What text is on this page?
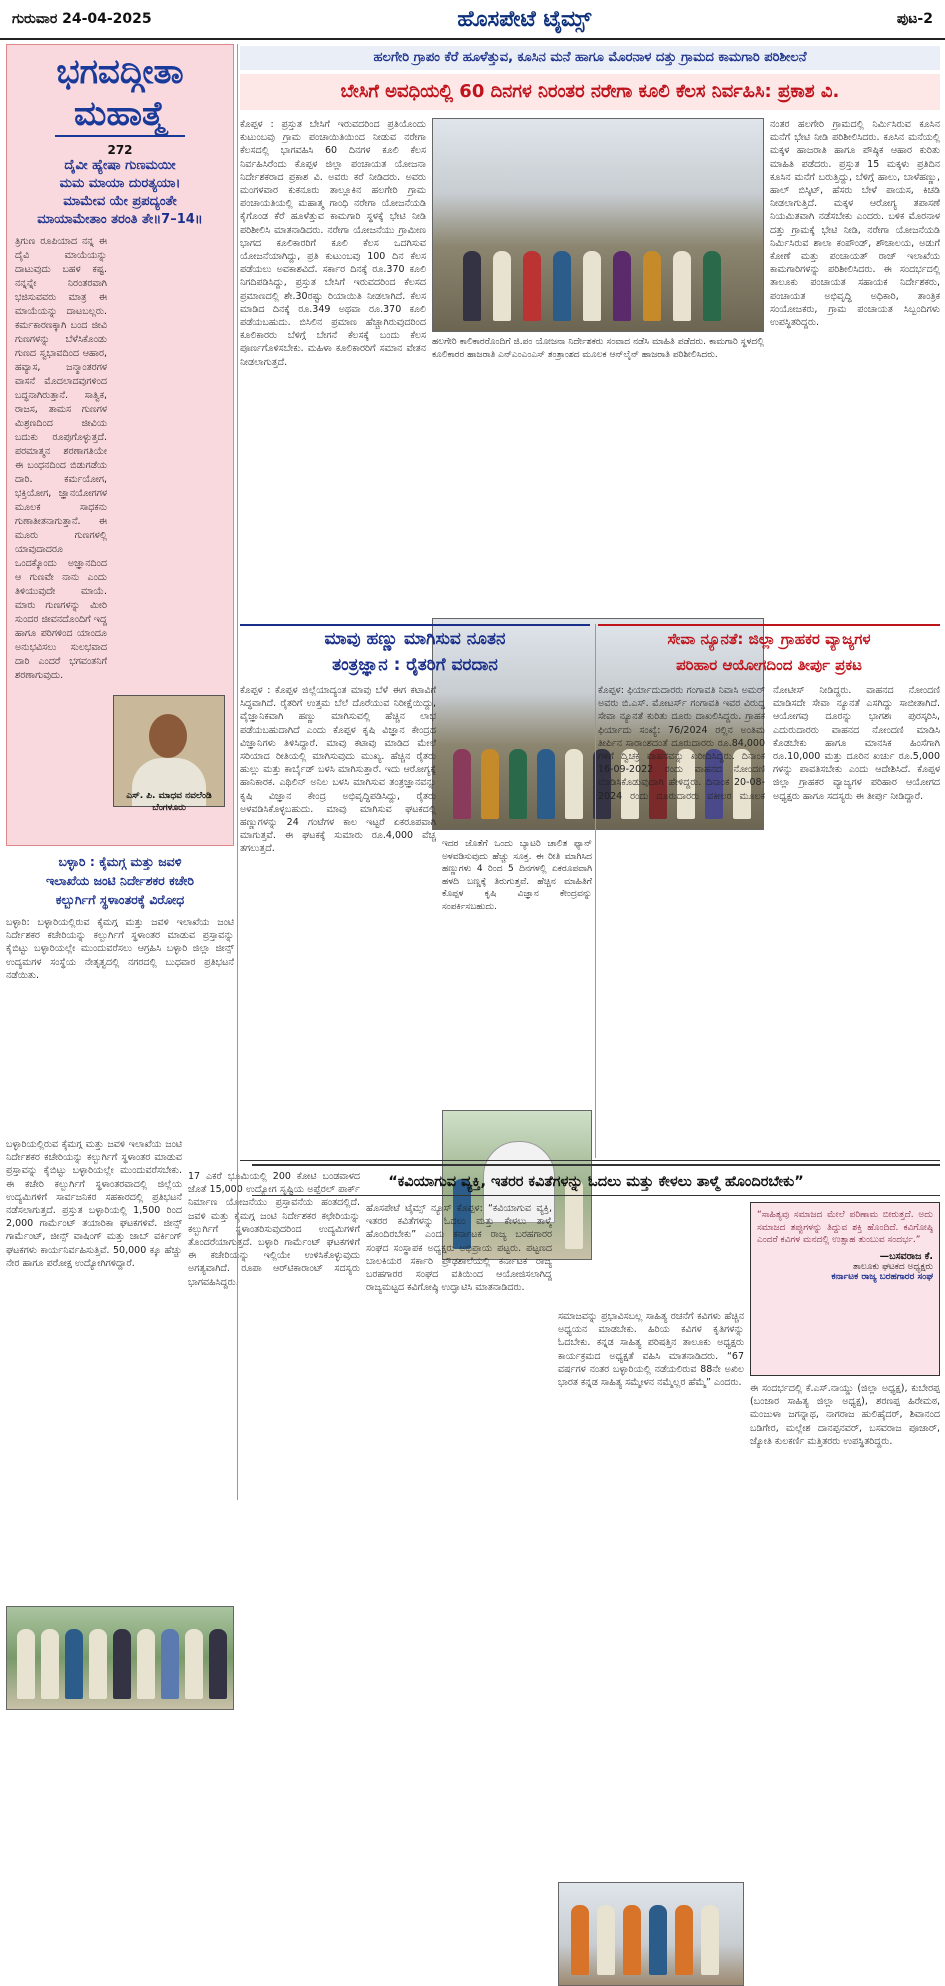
ಗುರುವಾರ 24-04-2025	ಹೊಸಪೇಟೆ ಟೈಮ್ಸ್	ಪುಟ-2
ಭಗವದ್ಗೀತಾ
ಮಹಾತ್ಮೆ
272
ದೈವೀ ಹ್ಯೇಷಾ ಗುಣಮಯೀ
ಮಮ ಮಾಯಾ ದುರತ್ಯಯಾ।
ಮಾಮೇವ ಯೇ ಪ್ರಪದ್ಯಂತೇ
ಮಾಯಾಮೇತಾಂ ತರಂತಿ ತೇ॥7–14॥
ತ್ರಿಗುಣ ರೂಪಿಯಾದ ನನ್ನ ಈ ದೈವಿ ಮಾಯೆಯನ್ನು ದಾಟುವುದು ಬಹಳ ಕಷ್ಟ. ನನ್ನನ್ನೇ ನಿರಂತರವಾಗಿ ಭಜಿಸುವವರು ಮಾತ್ರ ಈ ಮಾಯೆಯನ್ನು ದಾಟಬಲ್ಲರು. ಕರ್ಮಕಾರಣಕ್ಕಾಗಿ ಬಂದ ಜೀವಿ ಗುಣಗಳನ್ನು ಬೆಳೆಸಿಕೊಂಡು ಗುಣದ ಸ್ವಭಾವದಿಂದ ಆಹಾರ, ಹವ್ಯಾಸ, ಜನ್ಮಾಂತರಗಳ ವಾಸನೆ ಮೊದಲಾದವುಗಳಿಂದ ಬದ್ಧನಾಗಿರುತ್ತಾನೆ. ಸಾತ್ವಿಕ, ರಾಜಸ, ತಾಮಸ ಗುಣಗಳ ಮಿಶ್ರಣದಿಂದ ಜೀವಿಯ ಬದುಕು ರೂಪುಗೊಳ್ಳುತ್ತದೆ. ಪರಮಾತ್ಮನ ಶರಣಾಗತಿಯೇ ಈ ಬಂಧನದಿಂದ ಬಿಡುಗಡೆಯ ದಾರಿ. ಕರ್ಮಯೋಗ, ಭಕ್ತಿಯೋಗ, ಜ್ಞಾನಯೋಗಗಳ ಮೂಲಕ ಸಾಧಕನು ಗುಣಾತೀತನಾಗುತ್ತಾನೆ. ಈ ಮೂರು ಗುಣಗಳಲ್ಲಿ ಯಾವುದಾದರೂ ಒಂದಕ್ಕೊಂದು ಅಜ್ಞಾನದಿಂದ ಆ ಗುಣವೇ ನಾನು ಎಂದು ತಿಳಿಯುವುದೇ ಮಾಯೆ. ಮಾರು ಗುಣಗಳನ್ನು ಮೀರಿ ಸುಂದರ ಜೀವನದೊಂದಿಗೆ ಇದ್ದ ಹಾಗೂ ಪರಿಗಳಿಂದ ಯಾಂದೂ ಅನುಭವಿಸಲು ಸುಲಭವಾದ ದಾರಿ ಎಂದರೆ ಭಗವಂತನಿಗೆ ಶರಣಾಗುವುದು.
ಎಸ್. ಪಿ. ಮಾಧವ ನವಲೆಂಡಿ
ಬೆಂಗಳೂರು
ಹಲಗೇರಿ ಗ್ರಾಪಂ ಕೆರೆ ಹೂಳೆತ್ತುವ, ಕೂಸಿನ ಮನೆ ಹಾಗೂ ಮೊರನಾಳ ದತ್ತು ಗ್ರಾಮದ ಕಾಮಗಾರಿ ಪರಿಶೀಲನೆ
ಬೇಸಿಗೆ ಅವಧಿಯಲ್ಲಿ 60 ದಿನಗಳ ನಿರಂತರ ನರೇಗಾ ಕೂಲಿ ಕೆಲಸ ನಿರ್ವಹಿಸಿ: ಪ್ರಕಾಶ ವಿ.
ಕೊಪ್ಪಳ : ಪ್ರಸ್ತುತ ಬೇಸಿಗೆ ಇರುವದರಿಂದ ಪ್ರತಿಯೊಂದು ಕುಟುಂಬವು ಗ್ರಾಮ ಪಂಚಾಯಿತಿಯಿಂದ ನೀಡುವ ನರೇಗಾ ಕೆಲಸದಲ್ಲಿ ಭಾಗವಹಿಸಿ 60 ದಿನಗಳ ಕೂಲಿ ಕೆಲಸ ನಿರ್ವಹಿಸಿರೆಂದು ಕೊಪ್ಪಳ ಜಿಲ್ಲಾ ಪಂಚಾಯತ ಯೋಜನಾ ನಿರ್ದೇಶಕರಾದ ಪ್ರಕಾಶ ವಿ. ಅವರು ಕರೆ ನೀಡಿದರು. ಅವರು ಮಂಗಳವಾರ ಕುಕನೂರು ತಾಲ್ಲೂಕಿನ ಹಲಗೇರಿ ಗ್ರಾಮ ಪಂಚಾಯತಿಯಲ್ಲಿ ಮಹಾತ್ಮ ಗಾಂಧಿ ನರೇಗಾ ಯೋಜನೆಯಡಿ ಕೈಗೊಂಡ ಕೆರೆ ಹೂಳೆತ್ತುವ ಕಾಮಗಾರಿ ಸ್ಥಳಕ್ಕೆ ಭೇಟಿ ನೀಡಿ ಪರಿಶೀಲಿಸಿ ಮಾತನಾಡಿದರು. ನರೇಗಾ ಯೋಜನೆಯು ಗ್ರಾಮೀಣ ಭಾಗದ ಕೂಲಿಕಾರರಿಗೆ ಕೂಲಿ ಕೆಲಸ ಒದಗಿಸುವ ಯೋಜನೆಯಾಗಿದ್ದು, ಪ್ರತಿ ಕುಟುಂಬವು 100 ದಿನ ಕೆಲಸ ಪಡೆಯಲು ಅವಕಾಶವಿದೆ. ಸರ್ಕಾರ ದಿನಕ್ಕೆ ರೂ.370 ಕೂಲಿ ನಿಗದಿಪಡಿಸಿದ್ದು, ಪ್ರಸ್ತುತ ಬೇಸಿಗೆ ಇರುವದರಿಂದ ಕೆಲಸದ ಪ್ರಮಾಣದಲ್ಲಿ ಶೇ.30ರಷ್ಟು ರಿಯಾಯಿತಿ ನೀಡಲಾಗಿದೆ. ಕೆಲಸ ಮಾಡಿದ ದಿನಕ್ಕೆ ರೂ.349 ಅಥವಾ ರೂ.370 ಕೂಲಿ ಪಡೆಯಬಹುದು. ಬಿಸಿಲಿನ ಪ್ರಮಾಣ ಹೆಚ್ಚಾಗಿರುವುದರಿಂದ ಕೂಲಿಕಾರರು ಬೆಳಿಗ್ಗೆ ಬೇಗನೆ ಕೆಲಸಕ್ಕೆ ಬಂದು ಕೆಲಸ ಪೂರ್ಣಗೊಳಿಸಬೇಕು. ಮಹಿಳಾ ಕೂಲಿಕಾರರಿಗೆ ಸಮಾನ ವೇತನ ನೀಡಲಾಗುತ್ತದೆ.
ಹಲಗೇರಿ ಕಾಲಿಕಾರರೊಂದಿಗೆ ಜಿ.ಪಂ ಯೋಜನಾ ನಿರ್ದೇಶಕರು ಸಂವಾದ ನಡೆಸಿ ಮಾಹಿತಿ ಪಡೆದರು. ಕಾಮಗಾರಿ ಸ್ಥಳದಲ್ಲಿ ಕೂಲಿಕಾರರ ಹಾಜರಾತಿ ಎನ್‌ಎಂಎಂಎಸ್ ತಂತ್ರಾಂಶದ ಮೂಲಕ ಆನ್‌ಲೈನ್ ಹಾಜರಾತಿ ಪರಿಶೀಲಿಸಿದರು.
ನಂತರ ಹಲಗೇರಿ ಗ್ರಾಮದಲ್ಲಿ ನಿರ್ಮಿಸಿರುವ ಕೂಸಿನ ಮನೆಗೆ ಭೇಟಿ ನೀಡಿ ಪರಿಶೀಲಿಸಿದರು. ಕೂಸಿನ ಮನೆಯಲ್ಲಿ ಮಕ್ಕಳ ಹಾಜರಾತಿ ಹಾಗೂ ಪೌಷ್ಠಿಕ ಆಹಾರ ಕುರಿತು ಮಾಹಿತಿ ಪಡೆದರು. ಪ್ರಸ್ತುತ 15 ಮಕ್ಕಳು ಪ್ರತಿದಿನ ಕೂಸಿನ ಮನೆಗೆ ಬರುತ್ತಿದ್ದು, ಬೆಳಿಗ್ಗೆ ಹಾಲು, ಬಾಳೆಹಣ್ಣು, ಹಾಲ್ ಬಿಸ್ಕಿಟ್, ಹೆಸರು ಬೇಳೆ ಪಾಯಸ, ಕಿಚಡಿ ನೀಡಲಾಗುತ್ತಿದೆ. ಮಕ್ಕಳ ಆರೋಗ್ಯ ತಪಾಸಣೆ ನಿಯಮಿತವಾಗಿ ನಡೆಸಬೇಕು ಎಂದರು. ಬಳಿಕ ಮೊರನಾಳ ದತ್ತು ಗ್ರಾಮಕ್ಕೆ ಭೇಟಿ ನೀಡಿ, ನರೇಗಾ ಯೋಜನೆಯಡಿ ನಿರ್ಮಿಸಿರುವ ಶಾಲಾ ಕಂಪೌಂಡ್, ಶೌಚಾಲಯ, ಅಡುಗೆ ಕೋಣೆ ಮತ್ತು ಪಂಚಾಯತ್ ರಾಜ್ ಇಲಾಖೆಯ ಕಾಮಗಾರಿಗಳನ್ನು ಪರಿಶೀಲಿಸಿದರು. ಈ ಸಂದರ್ಭದಲ್ಲಿ ತಾಲೂಕು ಪಂಚಾಯತ ಸಹಾಯಕ ನಿರ್ದೇಶಕರು, ಪಂಚಾಯತ ಅಭಿವೃದ್ಧಿ ಅಧಿಕಾರಿ, ತಾಂತ್ರಿಕ ಸಂಯೋಜಕರು, ಗ್ರಾಮ ಪಂಚಾಯತ ಸಿಬ್ಬಂದಿಗಳು ಉಪಸ್ಥಿತರಿದ್ದರು.
ಮಾವು ಹಣ್ಣು ಮಾಗಿಸುವ ನೂತನ
ತಂತ್ರಜ್ಞಾನ : ರೈತರಿಗೆ ವರದಾನ
ಕೊಪ್ಪಳ : ಕೊಪ್ಪಳ ಜಿಲ್ಲೆಯಾದ್ಯಂತ ಮಾವು ಬೆಳೆ ಈಗ ಕಟಾವಿಗೆ ಸಿದ್ಧವಾಗಿದೆ. ರೈತರಿಗೆ ಉತ್ತಮ ಬೆಲೆ ದೊರೆಯುವ ನಿರೀಕ್ಷೆಯಿದ್ದು, ವೈಜ್ಞಾನಿಕವಾಗಿ ಹಣ್ಣು ಮಾಗಿಸುವಲ್ಲಿ ಹೆಚ್ಚಿನ ಲಾಭ ಪಡೆಯಬಹುದಾಗಿದೆ ಎಂದು ಕೊಪ್ಪಳ ಕೃಷಿ ವಿಜ್ಞಾನ ಕೇಂದ್ರದ ವಿಜ್ಞಾನಿಗಳು ತಿಳಿಸಿದ್ದಾರೆ. ಮಾವು ಕಟಾವು ಮಾಡಿದ ಮೇಲೆ ಸರಿಯಾದ ರೀತಿಯಲ್ಲಿ ಮಾಗಿಸುವುದು ಮುಖ್ಯ. ಹೆಚ್ಚಿನ ರೈತರು ಹುಲ್ಲು ಮತ್ತು ಕಾರ್ಬೈಡ್ ಬಳಸಿ ಮಾಗಿಸುತ್ತಾರೆ. ಇದು ಆರೋಗ್ಯಕ್ಕೆ ಹಾನಿಕಾರಕ. ಎಥಿಲಿನ್ ಅನಿಲ ಬಳಸಿ ಮಾಗಿಸುವ ತಂತ್ರಜ್ಞಾನವನ್ನು ಕೃಷಿ ವಿಜ್ಞಾನ ಕೇಂದ್ರ ಅಭಿವೃದ್ಧಿಪಡಿಸಿದ್ದು, ರೈತರು ಅಳವಡಿಸಿಕೊಳ್ಳಬಹುದು. ಮಾವು ಮಾಗಿಸುವ ಘಟಕದಲ್ಲಿ ಹಣ್ಣುಗಳನ್ನು 24 ಗಂಟೆಗಳ ಕಾಲ ಇಟ್ಟರೆ ಏಕರೂಪವಾಗಿ ಮಾಗುತ್ತವೆ. ಈ ಘಟಕಕ್ಕೆ ಸುಮಾರು ರೂ.4,000 ವೆಚ್ಚ ತಗಲುತ್ತದೆ.	ಇದರ ಜೊತೆಗೆ ಒಂದು ಬ್ಯಾಟರಿ ಚಾಲಿತ ಫ್ಯಾನ್ ಅಳವಡಿಸುವುದು ಹೆಚ್ಚು ಸೂಕ್ತ. ಈ ರೀತಿ ಮಾಗಿಸಿದ ಹಣ್ಣುಗಳು 4 ರಿಂದ 5 ದಿನಗಳಲ್ಲಿ ಏಕರೂಪವಾಗಿ ಹಳದಿ ಬಣ್ಣಕ್ಕೆ ತಿರುಗುತ್ತವೆ. ಹೆಚ್ಚಿನ ಮಾಹಿತಿಗೆ ಕೊಪ್ಪಳ ಕೃಷಿ ವಿಜ್ಞಾನ ಕೇಂದ್ರವನ್ನು ಸಂಪರ್ಕಿಸಬಹುದು.
ಸೇವಾ ನ್ಯೂನತೆ: ಜಿಲ್ಲಾ ಗ್ರಾಹಕರ ವ್ಯಾಜ್ಯಗಳ
ಪರಿಹಾರ ಆಯೋಗದಿಂದ ತೀರ್ಪು ಪ್ರಕಟ
ಕೊಪ್ಪಳ: ಫಿರ್ಯಾದುದಾರರು ಗಂಗಾವತಿ ನಿವಾಸಿ ಅಮರ್ ಅವರು ಬಿ.ಎಸ್. ಮೋಟರ್ಸ್ ಗಂಗಾವತಿ ಇವರ ವಿರುದ್ಧ ಸೇವಾ ನ್ಯೂನತೆ ಕುರಿತು ದೂರು ದಾಖಲಿಸಿದ್ದರು. ಗ್ರಾಹಕ ಫಿರ್ಯಾದು ಸಂಖ್ಯೆ: 76/2024 ರಲ್ಲಿನ ಅಂತಿಮ ತೀರ್ಪಿನ ಸಾರಾಂಶದಂತೆ ದೂರುದಾರರು ರೂ.84,000 ಗಳಿಗೆ ದ್ವಿಚಕ್ರ ವಾಹನವನ್ನು ಖರೀದಿಸಿದ್ದರು. ದಿನಾಂಕ 16-09-2022 ರಂದು ವಾಹನದ ನೋಂದಣಿ ಮಾಡಿಸಿಕೊಡುವುದಾಗಿ ಹೇಳಿದ್ದರು. ದಿನಾಂಕ 20-08-2024 ರಂದು ದೂರುದಾರರು ವಕೀಲರ ಮೂಲಕ ನೋಟೀಸ್ ನೀಡಿದ್ದರು. ವಾಹನದ ನೋಂದಣಿ ಮಾಡಿಸದೇ ಸೇವಾ ನ್ಯೂನತೆ ಎಸಗಿದ್ದು ಸಾಬೀತಾಗಿದೆ. ಆಯೋಗವು ದೂರನ್ನು ಭಾಗಶಃ ಪುರಸ್ಕರಿಸಿ, ಎದುರುದಾರರು ವಾಹನದ ನೋಂದಣಿ ಮಾಡಿಸಿ ಕೊಡಬೇಕು ಹಾಗೂ ಮಾನಸಿಕ ಹಿಂಸೆಗಾಗಿ ರೂ.10,000 ಮತ್ತು ದೂರಿನ ಖರ್ಚು ರೂ.5,000 ಗಳನ್ನು ಪಾವತಿಸಬೇಕು ಎಂದು ಆದೇಶಿಸಿದೆ. ಕೊಪ್ಪಳ ಜಿಲ್ಲಾ ಗ್ರಾಹಕರ ವ್ಯಾಜ್ಯಗಳ ಪರಿಹಾರ ಆಯೋಗದ ಅಧ್ಯಕ್ಷರು ಹಾಗೂ ಸದಸ್ಯರು ಈ ತೀರ್ಪು ನೀಡಿದ್ದಾರೆ.
ಬಳ್ಳಾರಿ : ಕೈಮಗ್ಗ ಮತ್ತು ಜವಳಿ
ಇಲಾಖೆಯ ಜಂಟಿ ನಿರ್ದೇಶಕರ ಕಚೇರಿ
ಕಲ್ಬುರ್ಗಿಗೆ ಸ್ಥಳಾಂತರಕ್ಕೆ ವಿರೋಧ
ಬಳ್ಳಾರಿ: ಬಳ್ಳಾರಿಯಲ್ಲಿರುವ ಕೈಮಗ್ಗ ಮತ್ತು ಜವಳಿ ಇಲಾಖೆಯ ಜಂಟಿ ನಿರ್ದೇಶಕರ ಕಚೇರಿಯನ್ನು ಕಲ್ಬುರ್ಗಿಗೆ ಸ್ಥಳಾಂತರ ಮಾಡುವ ಪ್ರಸ್ತಾವನ್ನು ಕೈಬಿಟ್ಟು ಬಳ್ಳಾರಿಯಲ್ಲೇ ಮುಂದುವರೆಸಲು ಆಗ್ರಹಿಸಿ ಬಳ್ಳಾರಿ ಜಿಲ್ಲಾ ಜೀನ್ಸ್ ಉದ್ಯಮಗಳ ಸಂಸ್ಥೆಯ ನೇತೃತ್ವದಲ್ಲಿ ನಗರದಲ್ಲಿ ಬುಧವಾರ ಪ್ರತಿಭಟನೆ ನಡೆಯಿತು.
ಬಳ್ಳಾರಿಯಲ್ಲಿರುವ ಕೈಮಗ್ಗ ಮತ್ತು ಜವಳಿ ಇಲಾಖೆಯ ಜಂಟಿ ನಿರ್ದೇಶಕರ ಕಚೇರಿಯನ್ನು ಕಲ್ಬುರ್ಗಿಗೆ ಸ್ಥಳಾಂತರ ಮಾಡುವ ಪ್ರಸ್ತಾವನ್ನು ಕೈಬಿಟ್ಟು ಬಳ್ಳಾರಿಯಲ್ಲೇ ಮುಂದುವರೆಸಬೇಕು. ಈ ಕಚೇರಿ ಕಲ್ಬುರ್ಗಿಗೆ ಸ್ಥಳಾಂತರವಾದಲ್ಲಿ ಜಿಲ್ಲೆಯ ಉದ್ಯಮಿಗಳಿಗೆ ಸಾರ್ವಜನಿಕರ ಸಹಕಾರದಲ್ಲಿ ಪ್ರತಿಭಟನೆ ನಡೆಸಲಾಗುತ್ತದೆ. ಪ್ರಸ್ತುತ ಬಳ್ಳಾರಿಯಲ್ಲಿ 1,500 ರಿಂದ 2,000 ಗಾರ್ಮೆಂಟ್ ತಯಾರಿಕಾ ಘಟಕಗಳಿವೆ. ಜೀನ್ಸ್ ಗಾರ್ಮೆಂಟ್, ಜೀನ್ಸ್ ವಾಷಿಂಗ್ ಮತ್ತು ಜಾಬ್ ವರ್ಕಿಂಗ್ ಘಟಕಗಳು ಕಾರ್ಯನಿರ್ವಹಿಸುತ್ತಿವೆ. 50,000 ಕ್ಕೂ ಹೆಚ್ಚು ನೇರ ಹಾಗೂ ಪರೋಕ್ಷ ಉದ್ಯೋಗಿಗಳಿದ್ದಾರೆ.
17 ಎಕರೆ ಭೂಮಿಯಲ್ಲಿ 200 ಕೋಟಿ ಬಂಡವಾಳದ ಜೊತೆ 15,000 ಉದ್ಯೋಗ ಸೃಷ್ಟಿಯ ಅಪ್ಪೆರಲ್ ಪಾರ್ಕ್ ನಿರ್ಮಾಣ ಯೋಜನೆಯು ಪ್ರಸ್ತಾವನೆಯ ಹಂತದಲ್ಲಿದೆ. ಜವಳಿ ಮತ್ತು ಕೈಮಗ್ಗ ಜಂಟಿ ನಿರ್ದೇಶಕರ ಕಛೇರಿಯನ್ನು ಕಲ್ಬುರ್ಗಿಗೆ ಸ್ಥಳಾಂತರಿಸುವುದರಿಂದ ಉದ್ಯಮಿಗಳಿಗೆ ತೊಂದರೆಯಾಗುತ್ತದೆ. ಬಳ್ಳಾರಿ ಗಾರ್ಮೆಂಟ್ ಘಟಕಗಳಿಗೆ ಈ ಕಚೇರಿಯನ್ನು ಇಲ್ಲಿಯೇ ಉಳಿಸಿಕೊಳ್ಳುವುದು ಅಗತ್ಯವಾಗಿದೆ. ರೂಪಾ ಆರ್‌ಟಿಕಾರಾಂಟ್ ಸದಸ್ಯರು ಭಾಗವಹಿಸಿದ್ದರು.
“ಕವಿಯಾಗುವ ವ್ಯಕ್ತಿ, ಇತರರ ಕವಿತೆಗಳನ್ನು ಓದಲು ಮತ್ತು ಕೇಳಲು ತಾಳ್ಮೆ ಹೊಂದಿರಬೇಕು”
ಹೊಸಪೇಟೆ ಟೈಮ್ಸ್ ನ್ಯೂಸ್ ಕೊಪ್ಪಳ: “ಕವಿಯಾಗುವ ವ್ಯಕ್ತಿ, ಇತರರ ಕವಿತೆಗಳನ್ನು ಓದಲು ಮತ್ತು ಕೇಳಲು ತಾಳ್ಮೆ ಹೊಂದಿರಬೇಕು” ಎಂದು ಕರ್ನಾಟಕ ರಾಜ್ಯ ಬರಹಗಾರರ ಸಂಘದ ಸಂಸ್ಥಾಪಕ ಅಧ್ಯಕ್ಷರು ಅಭಿಪ್ರಾಯ ಪಟ್ಟರು. ಪಟ್ಟಣದ ಬಾಲಕಿಯರ ಸರ್ಕಾರಿ ಪ್ರೌಢಶಾಲೆಯಲ್ಲಿ ಕರ್ನಾಟಕ ರಾಜ್ಯ ಬರಹಗಾರರ ಸಂಘದ ವತಿಯಿಂದ ಆಯೋಜಿಸಲಾಗಿದ್ದ ರಾಜ್ಯಮಟ್ಟದ ಕವಿಗೋಷ್ಠಿ ಉದ್ಘಾಟಿಸಿ ಮಾತನಾಡಿದರು.
ಸಮಾಜವನ್ನು ಪ್ರಭಾವಿಸಬಲ್ಲ ಸಾಹಿತ್ಯ ರಚನೆಗೆ ಕವಿಗಳು ಹೆಚ್ಚಿನ ಅಧ್ಯಯನ ಮಾಡಬೇಕು. ಹಿರಿಯ ಕವಿಗಳ ಕೃತಿಗಳನ್ನು ಓದಬೇಕು. ಕನ್ನಡ ಸಾಹಿತ್ಯ ಪರಿಷತ್ತಿನ ತಾಲೂಕು ಅಧ್ಯಕ್ಷರು ಕಾರ್ಯಕ್ರಮದ ಅಧ್ಯಕ್ಷತೆ ವಹಿಸಿ ಮಾತನಾಡಿದರು. “67 ವರ್ಷಗಳ ನಂತರ ಬಳ್ಳಾರಿಯಲ್ಲಿ ನಡೆಯಲಿರುವ 88ನೇ ಅಖಿಲ ಭಾರತ ಕನ್ನಡ ಸಾಹಿತ್ಯ ಸಮ್ಮೇಳನ ನಮ್ಮೆಲ್ಲರ ಹೆಮ್ಮೆ” ಎಂದರು.
“ಸಾಹಿತ್ಯವು ಸಮಾಜದ ಮೇಲೆ ಪರಿಣಾಮ ಬೀರುತ್ತದೆ. ಅದು ಸಮಾಜದ ತಪ್ಪುಗಳನ್ನು ತಿದ್ದುವ ಶಕ್ತಿ ಹೊಂದಿದೆ. ಕವಿಗೋಷ್ಠಿ ಎಂದರೆ ಕವಿಗಳ ಮನದಲ್ಲಿ ಉತ್ಸಾಹ ತುಂಬುವ ಸಂದರ್ಭ.”
—ಬಸವರಾಜ ಕೆ.
ತಾಲೂಕು ಘಟಕದ ಅಧ್ಯಕ್ಷರು
ಕರ್ನಾಟಕ ರಾಜ್ಯ ಬರಹಗಾರರ ಸಂಘ
ಈ ಸಂದರ್ಭದಲ್ಲಿ ಕೆ.ಎಸ್.ನಾಯ್ಡು (ಜಿಲ್ಲಾ ಅಧ್ಯಕ್ಷ), ಕುಬೇರಪ್ಪ (ಬಂಜಾರ ಸಾಹಿತ್ಯ ಜಿಲ್ಲಾ ಅಧ್ಯಕ್ಷ), ಶರಣಪ್ಪ ಹಿರೇಮಠ, ಮಂಜುಳಾ ಜಗನ್ನಾಥ, ನಾಗರಾಜ ಹುಲಿಹೈದರ್, ಶಿವಾನಂದ ಬಡಿಗೇರ, ಮಲ್ಲೇಶ ದಾನಪ್ಪನವರ್, ಬಸವರಾಜ ಪೂಜಾರ್, ಜ್ಯೋತಿ ಕುಲಕರ್ಣಿ ಮತ್ತಿತರರು ಉಪಸ್ಥಿತರಿದ್ದರು.
